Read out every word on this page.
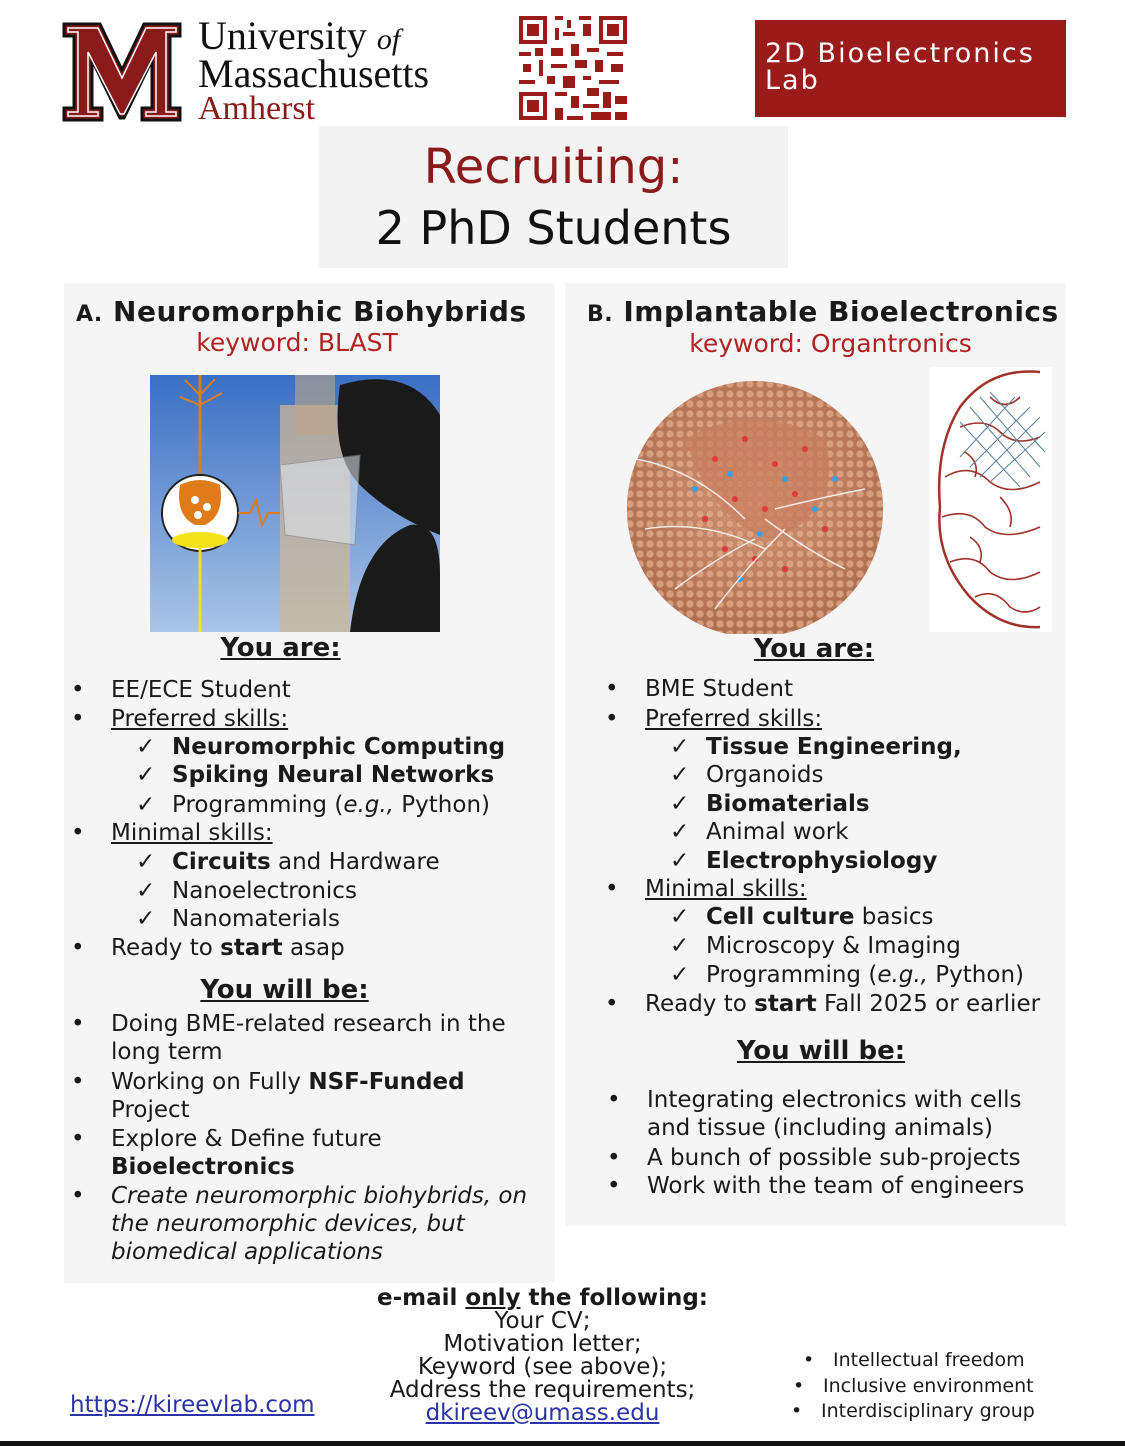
University of
Massachusetts
Amherst
2D Bioelectronics Lab
Recruiting:
2 PhD Students
A. Neuromorphic Biohybrids
keyword: BLAST
You are:
• EE/ECE Student
• Preferred skills:
✓ Neuromorphic Computing
✓ Spiking Neural Networks
✓ Programming (e.g., Python)
• Minimal skills:
✓ Circuits and Hardware
✓ Nanoelectronics
✓ Nanomaterials
• Ready to start asap
You will be:
• Doing BME-related research in the long term
• Working on Fully NSF-Funded Project
• Explore & Define future Bioelectronics
• Create neuromorphic biohybrids, on the neuromorphic devices, but biomedical applications
B. Implantable Bioelectronics
keyword: Organtronics
You are:
• BME Student
• Preferred skills:
✓ Tissue Engineering,
✓ Organoids
✓ Biomaterials
✓ Animal work
✓ Electrophysiology
• Minimal skills:
✓ Cell culture basics
✓ Microscopy & Imaging
✓ Programming (e.g., Python)
• Ready to start Fall 2025 or earlier
You will be:
• Integrating electronics with cells and tissue (including animals)
• A bunch of possible sub-projects
• Work with the team of engineers
e-mail only the following:
Your CV;
Motivation letter;
Keyword (see above);
Address the requirements;
dkireev@umass.edu
https://kireevlab.com
• Intellectual freedom
• Inclusive environment
• Interdisciplinary group
